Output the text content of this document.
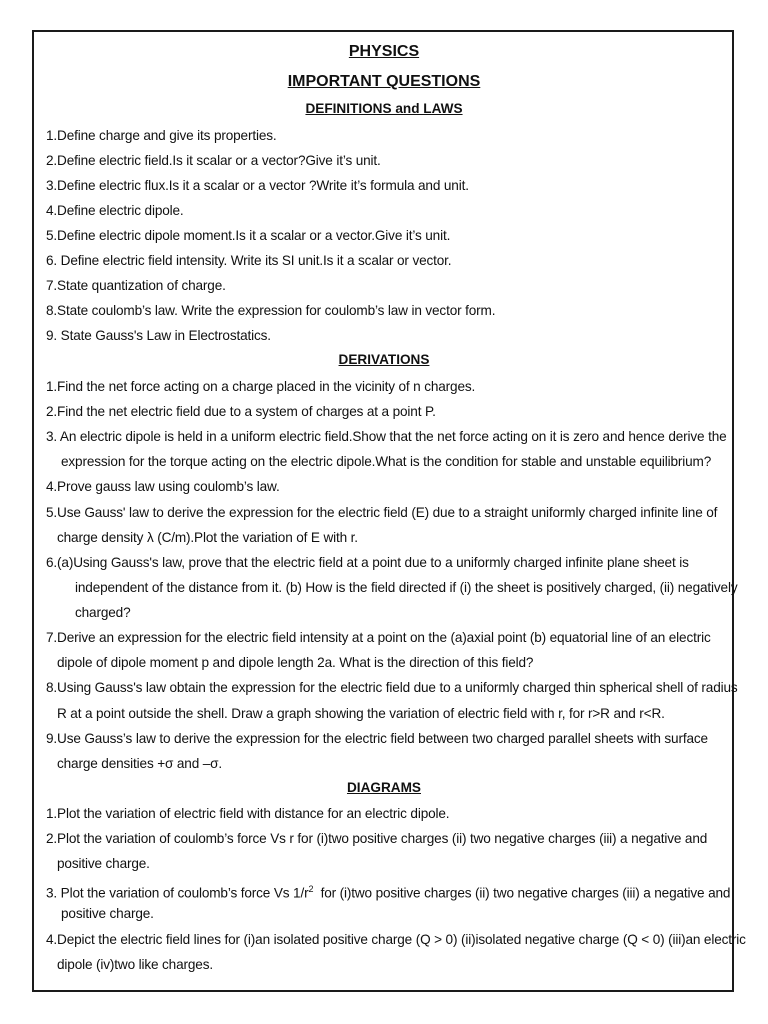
PHYSICS
IMPORTANT QUESTIONS
DEFINITIONS and LAWS
1.Define charge and give its properties.
2.Define electric field.Is it scalar or a vector?Give it’s unit.
3.Define electric flux.Is it a scalar or a vector ?Write it’s formula and unit.
4.Define electric dipole.
5.Define electric dipole moment.Is it a scalar or a vector.Give it’s unit.
6. Define electric field intensity. Write its SI unit.Is it a scalar or vector.
7.State quantization of charge.
8.State coulomb’s law. Write the expression for coulomb’s law in vector form.
9. State Gauss's Law in Electrostatics.
DERIVATIONS
1.Find the net force acting on a charge placed in the vicinity of n charges.
2.Find the net electric field due to a system of charges at a point P.
3. An electric dipole is held in a uniform electric field.Show that the net force acting on it is zero and hence derive the
expression for the torque acting on the electric dipole.What is the condition for stable and unstable equilibrium?
4.Prove gauss law using coulomb’s law.
5.Use Gauss' law to derive the expression for the electric field (E) due to a straight uniformly charged infinite line of
charge density λ (C/m).Plot the variation of E with r.
6.(a)Using Gauss's law, prove that the electric field at a point due to a uniformly charged infinite plane sheet is
independent of the distance from it. (b) How is the field directed if (i) the sheet is positively charged, (ii) negatively
charged?
7.Derive an expression for the electric field intensity at a point on the (a)axial point (b) equatorial line of an electric
dipole of dipole moment p and dipole length 2a. What is the direction of this field?
8.Using Gauss's law obtain the expression for the electric field due to a uniformly charged thin spherical shell of radius
R at a point outside the shell. Draw a graph showing the variation of electric field with r, for r>R and r<R.
9.Use Gauss’s law to derive the expression for the electric field between two charged parallel sheets with surface
charge densities +σ and –σ.
DIAGRAMS
1.Plot the variation of electric field with distance for an electric dipole.
2.Plot the variation of coulomb’s force Vs r for (i)two positive charges (ii) two negative charges (iii) a negative and
positive charge.
3. Plot the variation of coulomb’s force Vs $1/r^2$ for (i)two positive charges (ii) two negative charges (iii) a negative and
positive charge.
4.Depict the electric field lines for (i)an isolated positive charge (Q > 0) (ii)isolated negative charge (Q < 0) (iii)an electric
dipole (iv)two like charges.
